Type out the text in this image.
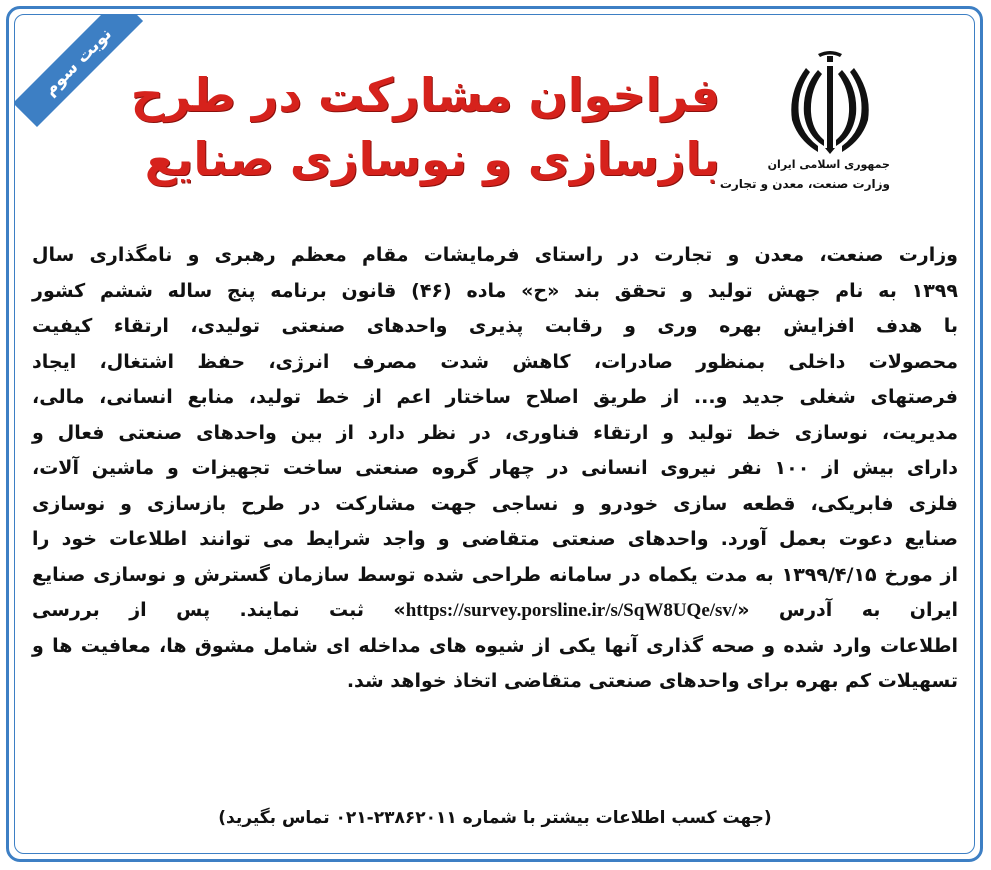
نوبت سوم
جمهوری اسلامی ایران
وزارت صنعت، معدن و تجارت
فراخوان مشارکت در طرح
بازسازی و نوسازی صنایع
وزارت صنعت، معدن و تجارت در راستای فرمایشات مقام معظم رهبری و نامگذاری سال
۱۳۹۹ به نام جهش تولید و تحقق بند «ح» ماده (۴۶) قانون برنامه پنج ساله ششم کشور
با هدف افزایش بهره وری و رقابت پذیری واحدهای صنعتی تولیدی، ارتقاء کیفیت
محصولات داخلی بمنظور صادرات، کاهش شدت مصرف انرژی، حفظ اشتغال، ایجاد
فرصتهای شغلی جدید و... از طریق اصلاح ساختار اعم از خط تولید، منابع انسانی، مالی،
مدیریت، نوسازی خط تولید و ارتقاء فناوری، در نظر دارد از بین واحدهای صنعتی فعال و
دارای بیش از ۱۰۰ نفر نیروی انسانی در چهار گروه صنعتی ساخت تجهیزات و ماشین آلات،
فلزی فابریکی، قطعه سازی خودرو و نساجی جهت مشارکت در طرح بازسازی و نوسازی
صنایع دعوت بعمل آورد. واحدهای صنعتی متقاضی و واجد شرایط می توانند اطلاعات خود را
از مورخ ۱۳۹۹/۴/۱۵ به مدت یکماه در سامانه طراحی شده توسط سازمان گسترش و نوسازی صنایع
ایران به آدرس «https://survey.porsline.ir/s/SqW8UQe/sv/» ثبت نمایند. پس از بررسی
اطلاعات وارد شده و صحه گذاری آنها یکی از شیوه های مداخله ای شامل مشوق ها، معافیت ها و
تسهیلات کم بهره برای واحدهای صنعتی متقاضی اتخاذ خواهد شد.
(جهت کسب اطلاعات بیشتر با شماره ۲۳۸۶۲۰۱۱-۰۲۱ تماس بگیرید)
